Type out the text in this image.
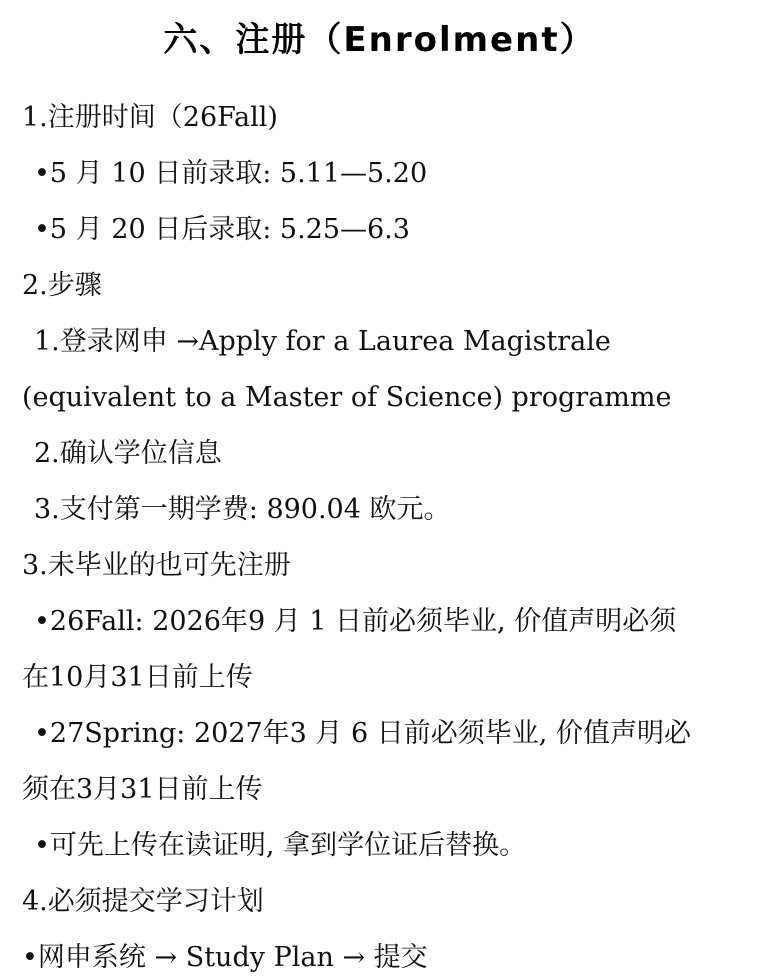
六、注册（Enrolment）
1.注册时间（26Fall)
•5 月 10 日前录取: 5.11—5.20
•5 月 20 日后录取: 5.25—6.3
2.步骤
1.登录网申 →Apply for a Laurea Magistrale
(equivalent to a Master of Science) programme
2.确认学位信息
3.支付第一期学费: 890.04 欧元。
3.未毕业的也可先注册
•26Fall: 2026年9 月 1 日前必须毕业, 价值声明必须
在10月31日前上传
•27Spring: 2027年3 月 6 日前必须毕业, 价值声明必
须在3月31日前上传
•可先上传在读证明, 拿到学位证后替换。
4.必须提交学习计划
•网申系统 → Study Plan → 提交
